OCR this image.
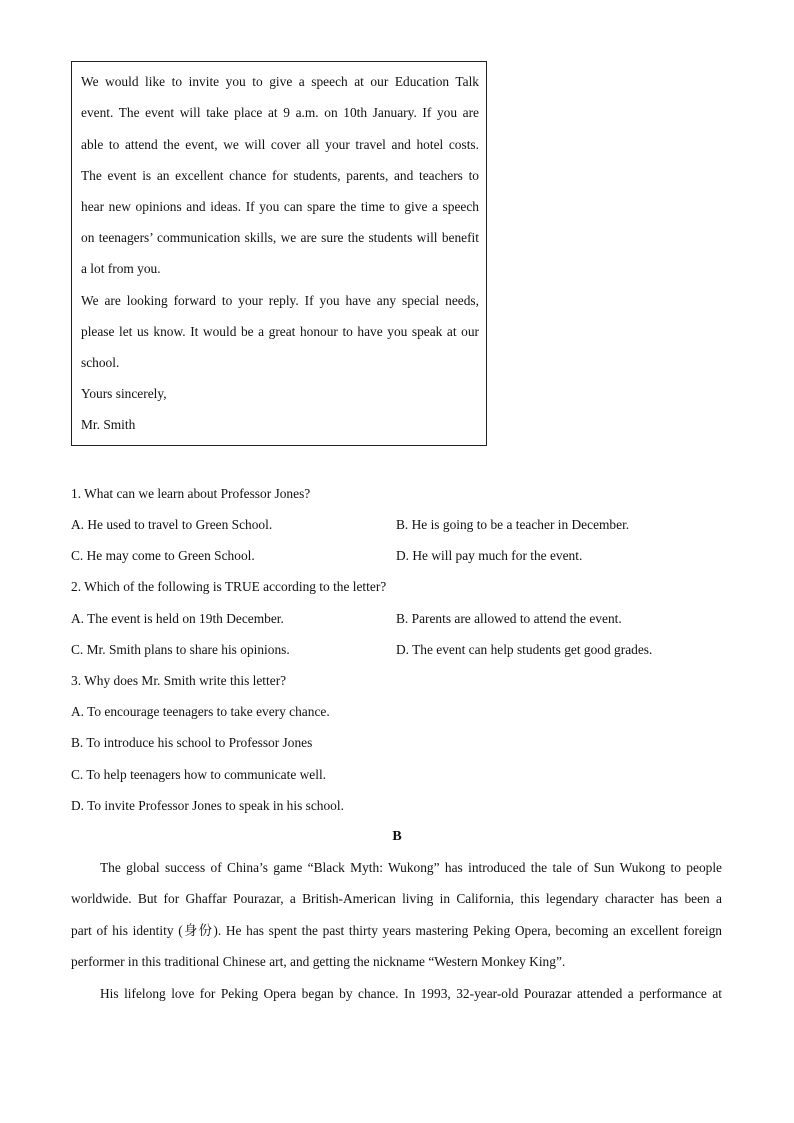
We would like to invite you to give a speech at our Education Talk
event. The event will take place at 9 a.m. on 10th January. If you are
able to attend the event, we will cover all your travel and hotel costs.
The event is an excellent chance for students, parents, and teachers to
hear new opinions and ideas. If you can spare the time to give a speech
on teenagers’ communication skills, we are sure the students will benefit
a lot from you.
We are looking forward to your reply. If you have any special needs,
please let us know. It would be a great honour to have you speak at our
school.
Yours sincerely,
Mr. Smith
1. What can we learn about Professor Jones?
A. He used to travel to Green School.	B. He is going to be a teacher in December.
C. He may come to Green School.	D. He will pay much for the event.
2. Which of the following is TRUE according to the letter?
A. The event is held on 19th December.	B. Parents are allowed to attend the event.
C. Mr. Smith plans to share his opinions.	D. The event can help students get good grades.
3. Why does Mr. Smith write this letter?
A. To encourage teenagers to take every chance.
B. To introduce his school to Professor Jones
C. To help teenagers how to communicate well.
D. To invite Professor Jones to speak in his school.
B
The global success of China’s game “Black Myth: Wukong” has introduced the tale of Sun Wukong to people
worldwide. But for Ghaffar Pourazar, a British-American living in California, this legendary character has been a
part of his identity (身份). He has spent the past thirty years mastering Peking Opera, becoming an excellent foreign
performer in this traditional Chinese art, and getting the nickname “Western Monkey King”.
His lifelong love for Peking Opera began by chance. In 1993, 32-year-old Pourazar attended a performance at
